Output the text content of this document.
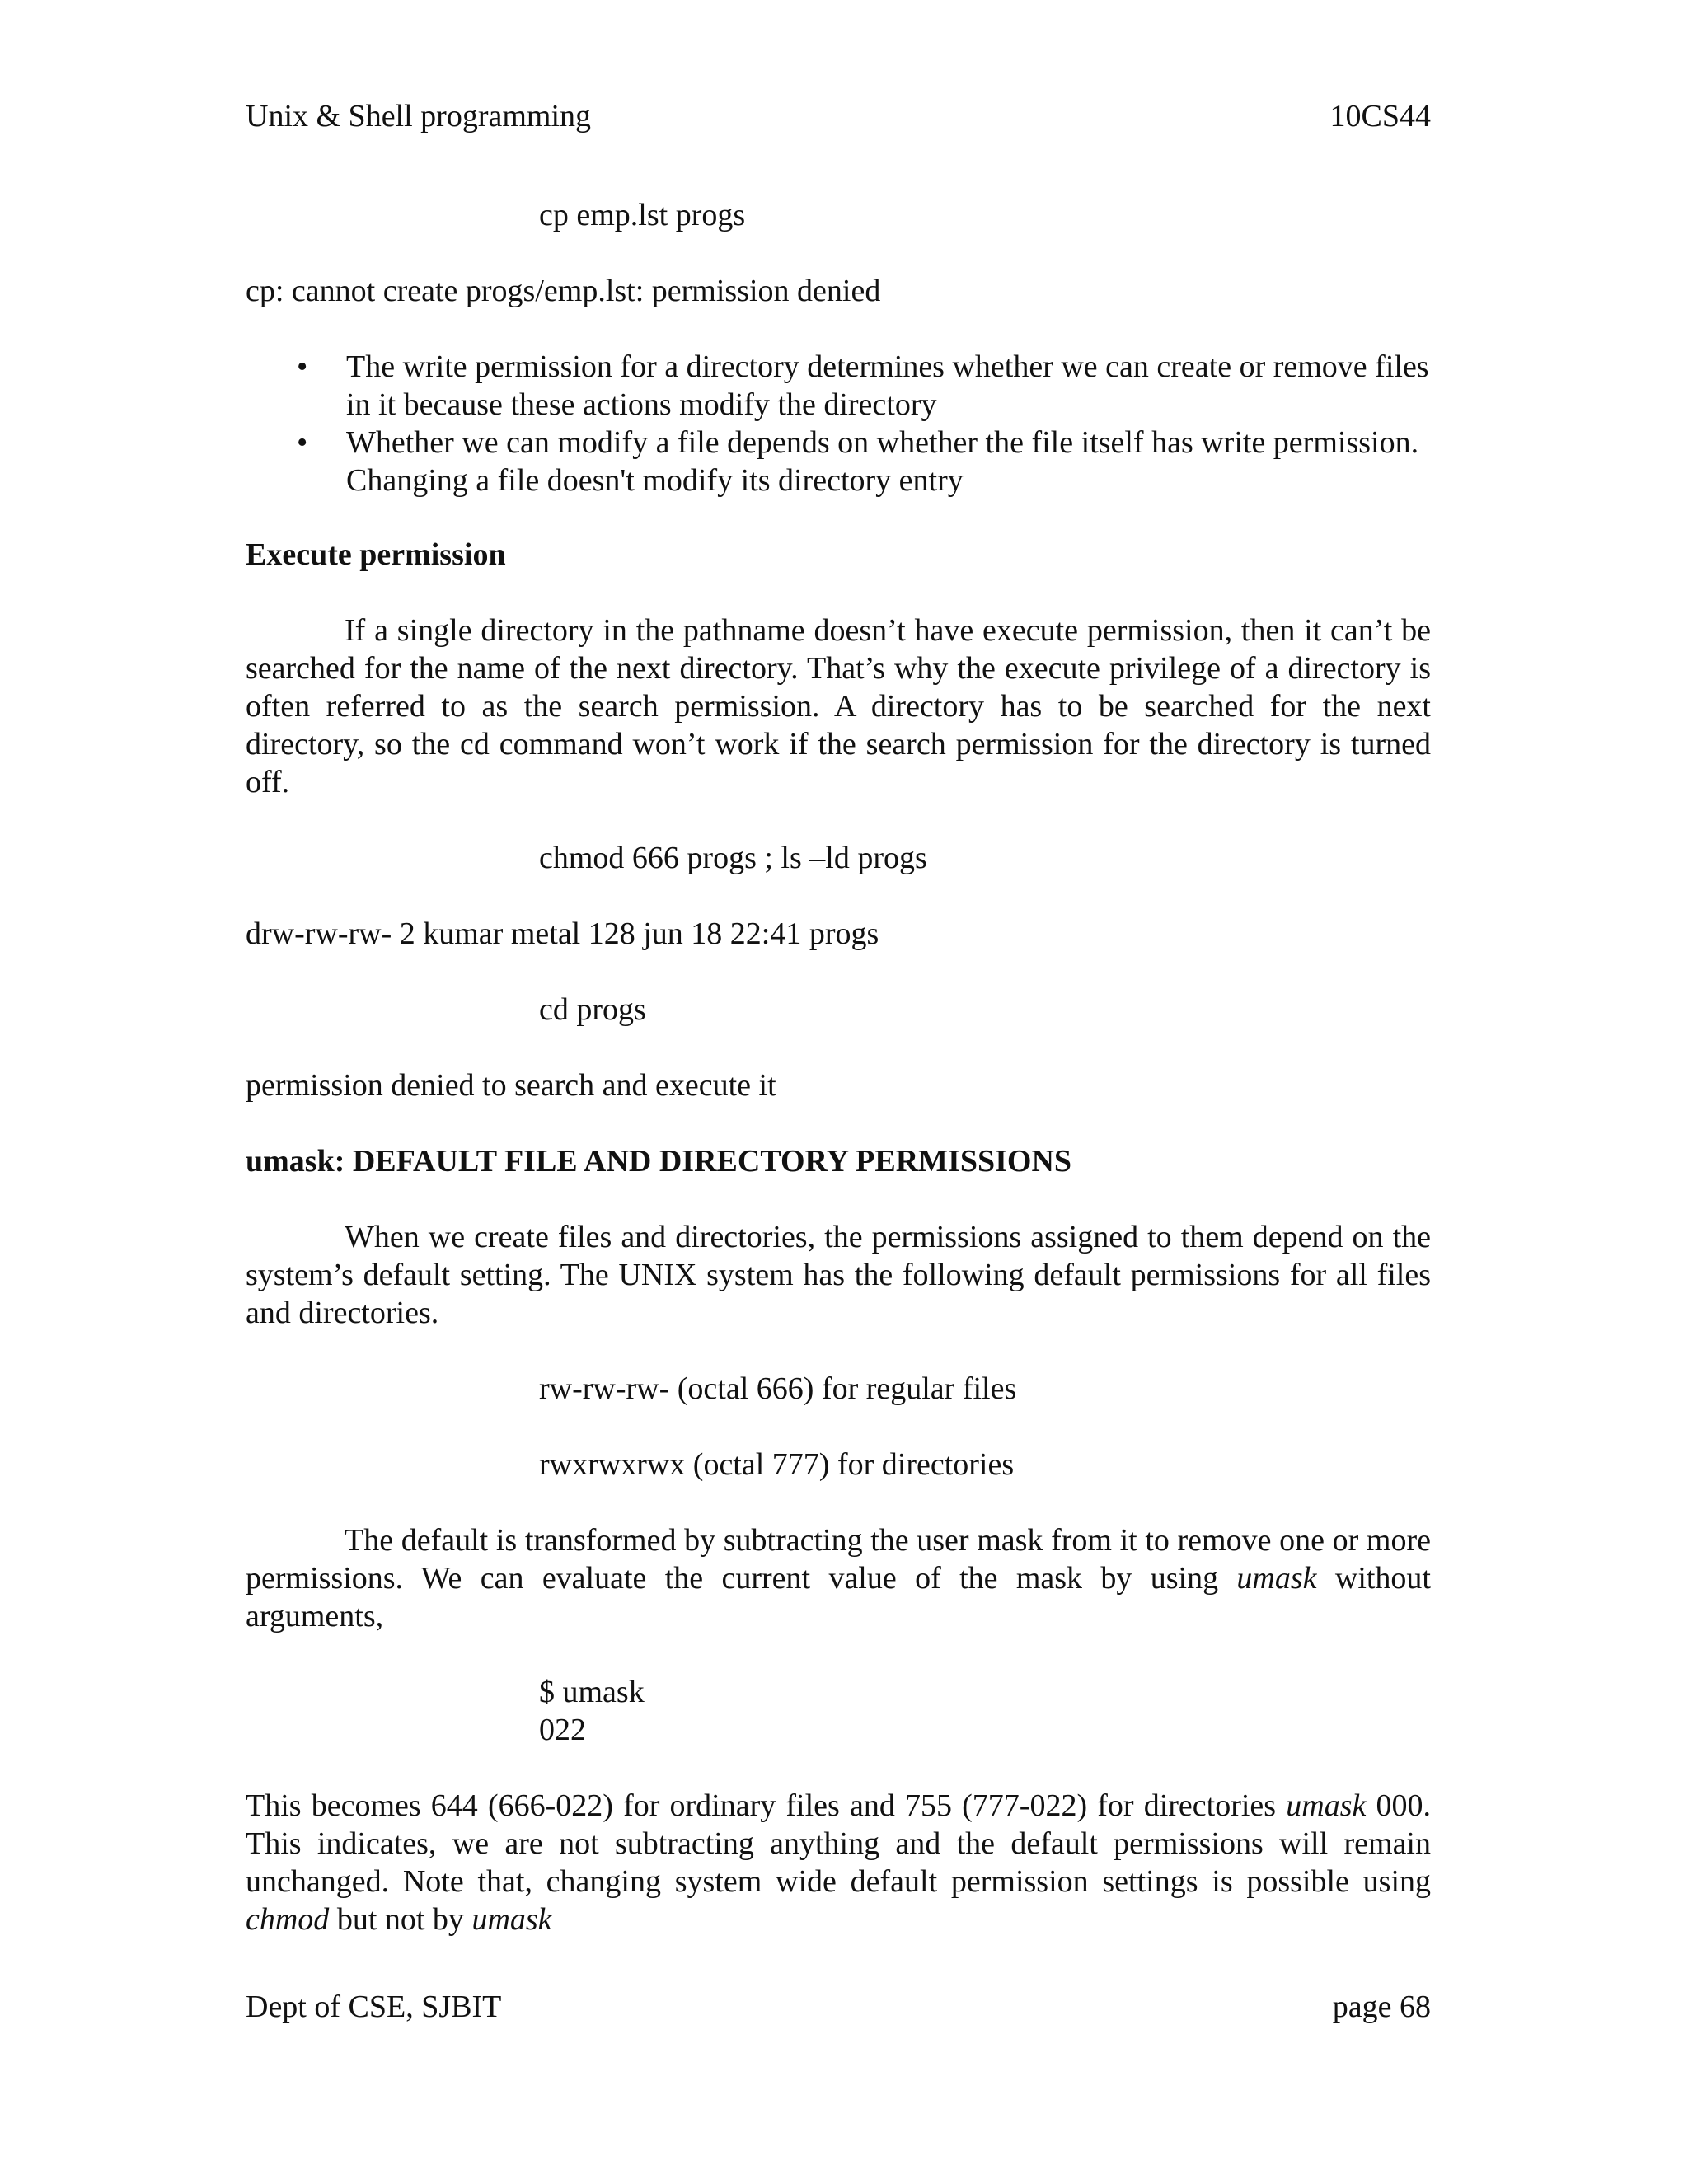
Unix & Shell programming	10CS44
cp emp.lst progs
cp: cannot create progs/emp.lst: permission denied
• The write permission for a directory determines whether we can create or remove files in it because these actions modify the directory
• Whether we can modify a file depends on whether the file itself has write permission. Changing a file doesn't modify its directory entry
Execute permission

If a single directory in the pathname doesn’t have execute permission, then it can’t be searched for the name of the next directory. That’s why the execute privilege of a directory is often referred to as the search permission. A directory has to be searched for the next directory, so the cd command won’t work if the search permission for the directory is turned off.

chmod 666 progs ; ls –ld progs
drw-rw-rw- 2 kumar metal 128 jun 18 22:41 progs
cd progs
permission denied to search and execute it
umask: DEFAULT FILE AND DIRECTORY PERMISSIONS

When we create files and directories, the permissions assigned to them depend on the system’s default setting. The UNIX system has the following default permissions for all files and directories.

rw-rw-rw- (octal 666) for regular files
rwxrwxrwx (octal 777) for directories

The default is transformed by subtracting the user mask from it to remove one or more permissions. We can evaluate the current value of the mask by using umask without arguments,

$ umask
022

This becomes 644 (666-022) for ordinary files and 755 (777-022) for directories umask 000. This indicates, we are not subtracting anything and the default permissions will remain unchanged. Note that, changing system wide default permission settings is possible using chmod but not by umask

Dept of CSE, SJBIT	page 68
